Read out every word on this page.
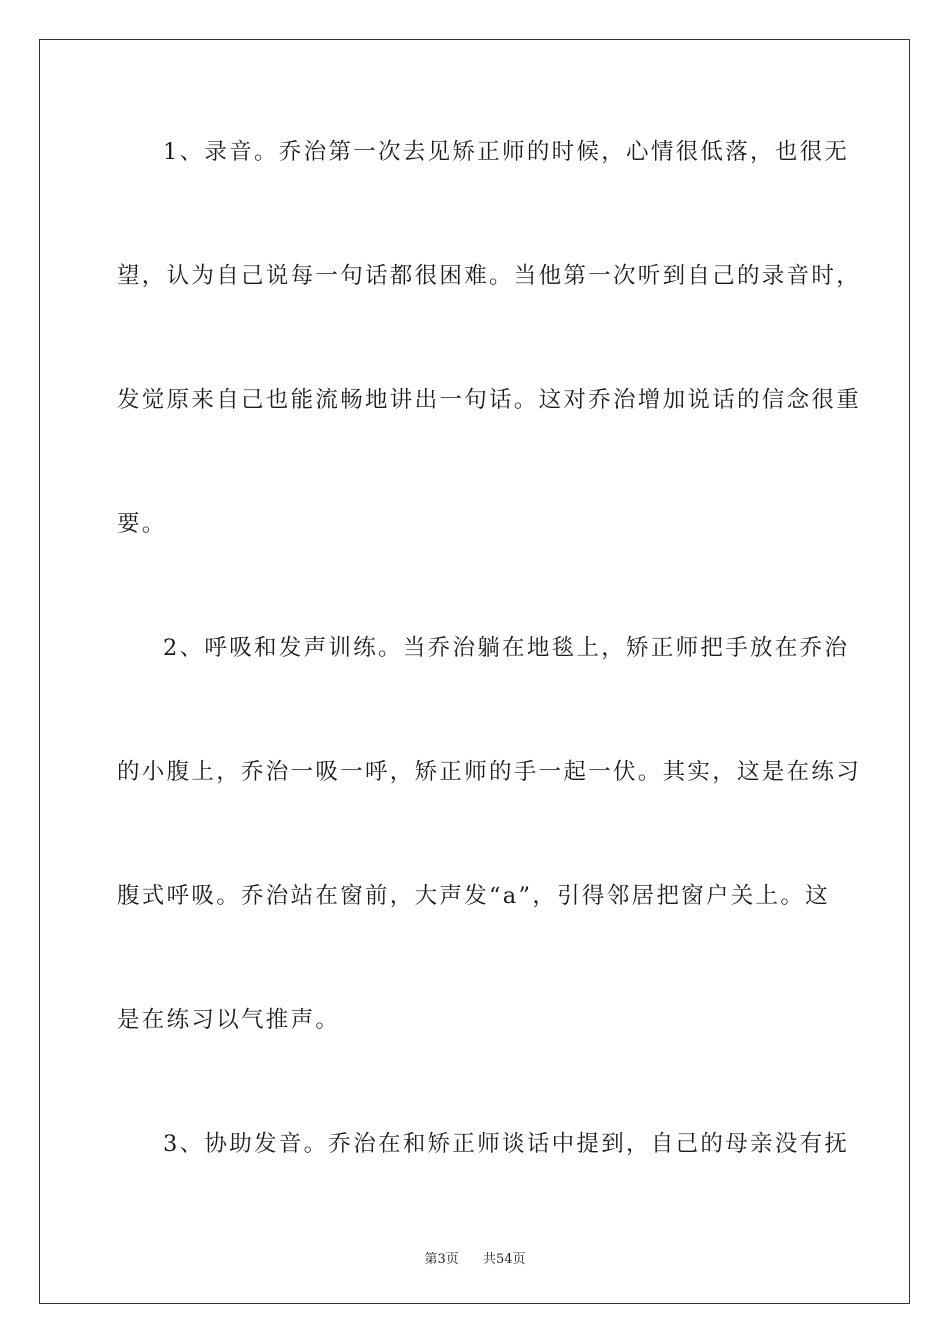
1、录音。乔治第一次去见矫正师的时候，心情很低落，也很无
望，认为自己说每一句话都很困难。当他第一次听到自己的录音时，
发觉原来自己也能流畅地讲出一句话。这对乔治增加说话的信念很重
要。
2、呼吸和发声训练。当乔治躺在地毯上，矫正师把手放在乔治
的小腹上，乔治一吸一呼，矫正师的手一起一伏。其实，这是在练习
腹式呼吸。乔治站在窗前，大声发“a”，引得邻居把窗户关上。这
是在练习以气推声。
3、协助发音。乔治在和矫正师谈话中提到，自己的母亲没有抚
第3页 共54页
